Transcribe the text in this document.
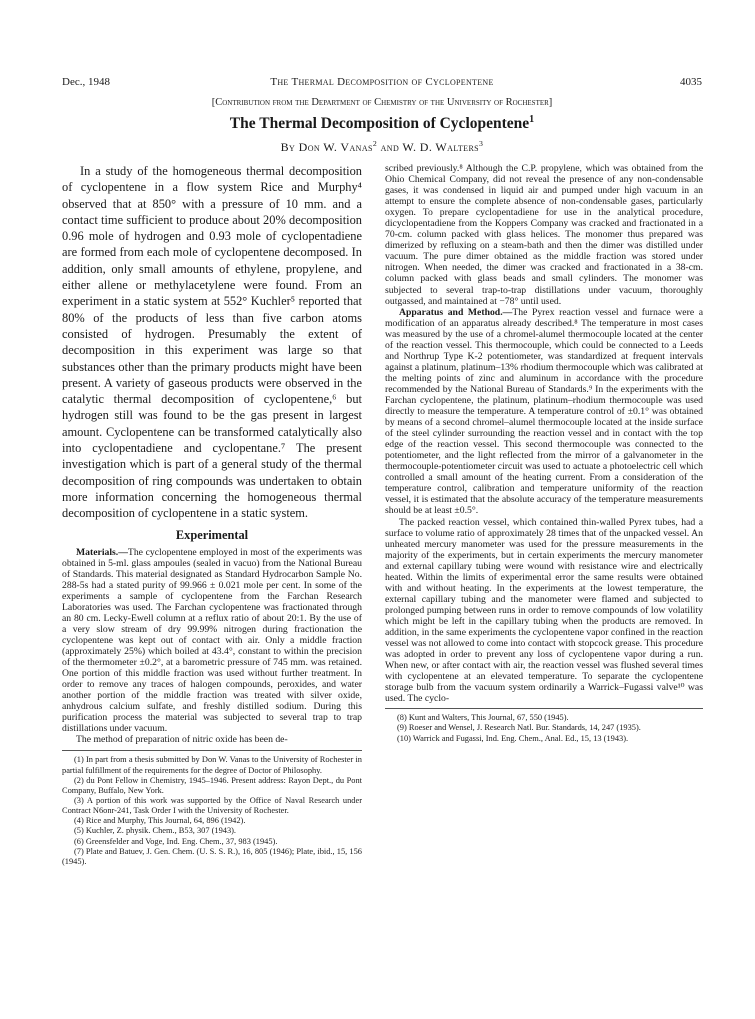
Dec., 1948	The Thermal Decomposition of Cyclopentene	4035
[Contribution from the Department of Chemistry of the University of Rochester]
The Thermal Decomposition of Cyclopentene$^1$
By Don W. Vanas$^2$ and W. D. Walters$^3$

In a study of the homogeneous thermal decomposition of cyclopentene in a flow system Rice and Murphy⁴ observed that at 850° with a pressure of 10 mm. and a contact time sufficient to produce about 20% decomposition 0.96 mole of hydrogen and 0.93 mole of cyclopentadiene are formed from each mole of cyclopentene decomposed. In addition, only small amounts of ethylene, propylene, and either allene or methylacetylene were found. From an experiment in a static system at 552° Kuchler⁵ reported that 80% of the products of less than five carbon atoms consisted of hydrogen. Presumably the extent of decomposition in this experiment was large so that substances other than the primary products might have been present. A variety of gaseous products were observed in the catalytic thermal decomposition of cyclopentene,⁶ but hydrogen still was found to be the gas present in largest amount. Cyclopentene can be transformed catalytically also into cyclopentadiene and cyclopentane.⁷ The present investigation which is part of a general study of the thermal decomposition of ring compounds was undertaken to obtain more information concerning the homogeneous thermal decomposition of cyclopentene in a static system.

Experimental

Materials.—The cyclopentene employed in most of the experiments was obtained in 5-ml. glass ampoules (sealed in vacuo) from the National Bureau of Standards. This material designated as Standard Hydrocarbon Sample No. 288-5s had a stated purity of 99.966 ± 0.021 mole per cent. In some of the experiments a sample of cyclopentene from the Farchan Research Laboratories was used. The Farchan cyclopentene was fractionated through an 80 cm. Lecky-Ewell column at a reflux ratio of about 20:1. By the use of a very slow stream of dry 99.99% nitrogen during fractionation the cyclopentene was kept out of contact with air. Only a middle fraction (approximately 25%) which boiled at 43.4°, constant to within the precision of the thermometer ±0.2°, at a barometric pressure of 745 mm. was retained. One portion of this middle fraction was used without further treatment. In order to remove any traces of halogen compounds, peroxides, and water another portion of the middle fraction was treated with silver oxide, anhydrous calcium sulfate, and freshly distilled sodium. During this purification process the material was subjected to several trap to trap distillations under vacuum.

The method of preparation of nitric oxide has been de-

(1) In part from a thesis submitted by Don W. Vanas to the University of Rochester in partial fulfillment of the requirements for the degree of Doctor of Philosophy.

(2) du Pont Fellow in Chemistry, 1945–1946. Present address: Rayon Dept., du Pont Company, Buffalo, New York.

(3) A portion of this work was supported by the Office of Naval Research under Contract N6onr-241, Task Order I with the University of Rochester.

(4) Rice and Murphy, This Journal, 64, 896 (1942).

(5) Kuchler, Z. physik. Chem., B53, 307 (1943).

(6) Greensfelder and Voge, Ind. Eng. Chem., 37, 983 (1945).

(7) Plate and Batuev, J. Gen. Chem. (U. S. S. R.), 16, 805 (1946); Plate, ibid., 15, 156 (1945).

scribed previously.⁸ Although the C.P. propylene, which was obtained from the Ohio Chemical Company, did not reveal the presence of any non-condensable gases, it was condensed in liquid air and pumped under high vacuum in an attempt to ensure the complete absence of non-condensable gases, particularly oxygen. To prepare cyclopentadiene for use in the analytical procedure, dicyclopentadiene from the Koppers Company was cracked and fractionated in a 70-cm. column packed with glass helices. The monomer thus prepared was dimerized by refluxing on a steam-bath and then the dimer was distilled under vacuum. The pure dimer obtained as the middle fraction was stored under nitrogen. When needed, the dimer was cracked and fractionated in a 38-cm. column packed with glass beads and small cylinders. The monomer was subjected to several trap-to-trap distillations under vacuum, thoroughly outgassed, and maintained at −78° until used.

Apparatus and Method.—The Pyrex reaction vessel and furnace were a modification of an apparatus already described.⁸ The temperature in most cases was measured by the use of a chromel-alumel thermocouple located at the center of the reaction vessel. This thermocouple, which could be connected to a Leeds and Northrup Type K-2 potentiometer, was standardized at frequent intervals against a platinum, platinum–13% rhodium thermocouple which was calibrated at the melting points of zinc and aluminum in accordance with the procedure recommended by the National Bureau of Standards.⁹ In the experiments with the Farchan cyclopentene, the platinum, platinum–rhodium thermocouple was used directly to measure the temperature. A temperature control of ±0.1° was obtained by means of a second chromel–alumel thermocouple located at the inside surface of the steel cylinder surrounding the reaction vessel and in contact with the top edge of the reaction vessel. This second thermocouple was connected to the potentiometer, and the light reflected from the mirror of a galvanometer in the thermocouple-potentiometer circuit was used to actuate a photoelectric cell which controlled a small amount of the heating current. From a consideration of the temperature control, calibration and temperature uniformity of the reaction vessel, it is estimated that the absolute accuracy of the temperature measurements should be at least ±0.5°.

The packed reaction vessel, which contained thin-walled Pyrex tubes, had a surface to volume ratio of approximately 28 times that of the unpacked vessel. An unheated mercury manometer was used for the pressure measurements in the majority of the experiments, but in certain experiments the mercury manometer and external capillary tubing were wound with resistance wire and electrically heated. Within the limits of experimental error the same results were obtained with and without heating. In the experiments at the lowest temperature, the external capillary tubing and the manometer were flamed and subjected to prolonged pumping between runs in order to remove compounds of low volatility which might be left in the capillary tubing when the products are removed. In addition, in the same experiments the cyclopentene vapor confined in the reaction vessel was not allowed to come into contact with stopcock grease. This procedure was adopted in order to prevent any loss of cyclopentene vapor during a run. When new, or after contact with air, the reaction vessel was flushed several times with cyclopentene at an elevated temperature. To separate the cyclopentene storage bulb from the vacuum system ordinarily a Warrick–Fugassi valve¹⁰ was used. The cyclo-

(8) Kunt and Walters, This Journal, 67, 550 (1945).

(9) Roeser and Wensel, J. Research Natl. Bur. Standards, 14, 247 (1935).

(10) Warrick and Fugassi, Ind. Eng. Chem., Anal. Ed., 15, 13 (1943).
